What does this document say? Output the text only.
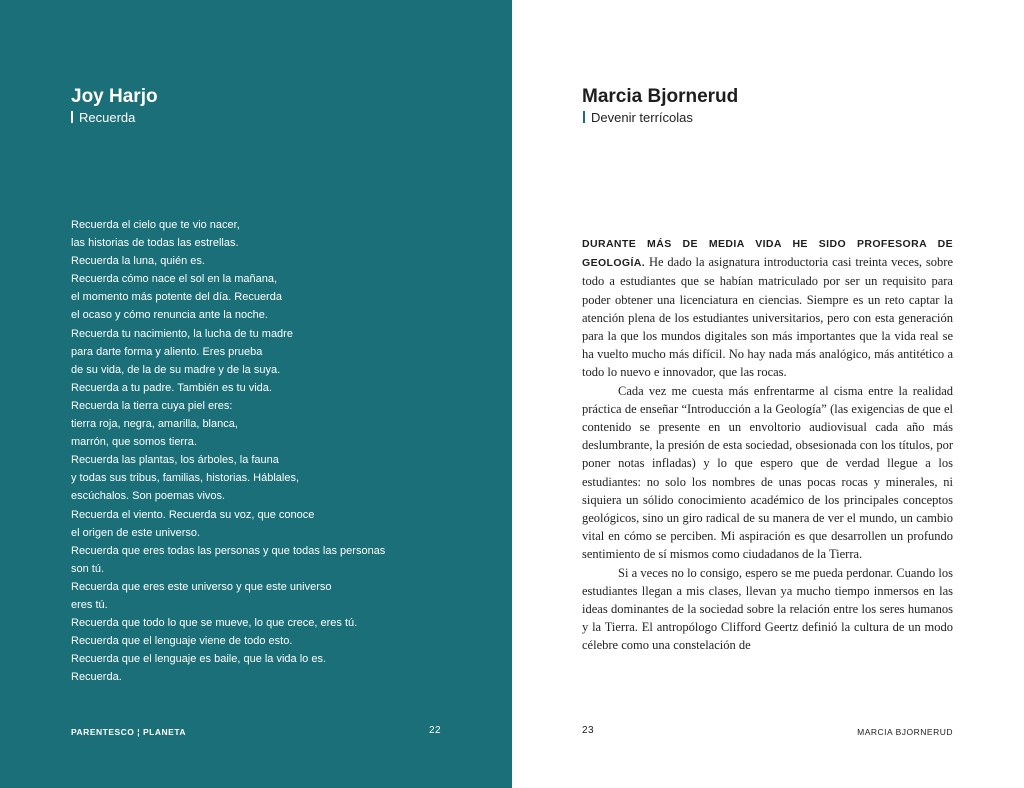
Joy Harjo
Recuerda
Recuerda el cielo que te vio nacer,
las historias de todas las estrellas.
Recuerda la luna, quién es.
Recuerda cómo nace el sol en la mañana,
el momento más potente del día. Recuerda
el ocaso y cómo renuncia ante la noche.
Recuerda tu nacimiento, la lucha de tu madre
para darte forma y aliento. Eres prueba
de su vida, de la de su madre y de la suya.
Recuerda a tu padre. También es tu vida.
Recuerda la tierra cuya piel eres:
tierra roja, negra, amarilla, blanca,
marrón, que somos tierra.
Recuerda las plantas, los árboles, la fauna
y todas sus tribus, familias, historias. Háblales,
escúchalos. Son poemas vivos.
Recuerda el viento. Recuerda su voz, que conoce
el origen de este universo.
Recuerda que eres todas las personas y que todas las personas
son tú.
Recuerda que eres este universo y que este universo
eres tú.
Recuerda que todo lo que se mueve, lo que crece, eres tú.
Recuerda que el lenguaje viene de todo esto.
Recuerda que el lenguaje es baile, que la vida lo es.
Recuerda.
PARENTESCO ¦ PLANETA	22
Marcia Bjornerud
Devenir terrícolas
DURANTE MÁS DE MEDIA VIDA HE SIDO PROFESORA DE GEOLOGÍA. He dado la asignatura introductoria casi treinta veces, sobre todo a estudiantes que se habían matriculado por ser un requisito para poder obtener una licenciatura en ciencias. Siempre es un reto captar la atención plena de los estudiantes universitarios, pero con esta generación para la que los mundos digitales son más importantes que la vida real se ha vuelto mucho más difícil. No hay nada más analógico, más antitético a todo lo nuevo e innovador, que las rocas.
Cada vez me cuesta más enfrentarme al cisma entre la realidad práctica de enseñar “Introducción a la Geología” (las exigencias de que el contenido se presente en un envoltorio audiovisual cada año más deslumbrante, la presión de esta sociedad, obsesionada con los títulos, por poner notas infladas) y lo que espero que de verdad llegue a los estudiantes: no solo los nombres de unas pocas rocas y minerales, ni siquiera un sólido conocimiento académico de los principales conceptos geológicos, sino un giro radical de su manera de ver el mundo, un cambio vital en cómo se perciben. Mi aspiración es que desarrollen un profundo sentimiento de sí mismos como ciudadanos de la Tierra.
Si a veces no lo consigo, espero se me pueda perdonar. Cuando los estudiantes llegan a mis clases, llevan ya mucho tiempo inmersos en las ideas dominantes de la sociedad sobre la relación entre los seres humanos y la Tierra. El antropólogo Clifford Geertz definió la cultura de un modo célebre como una constelación de
23	MARCIA BJORNERUD
